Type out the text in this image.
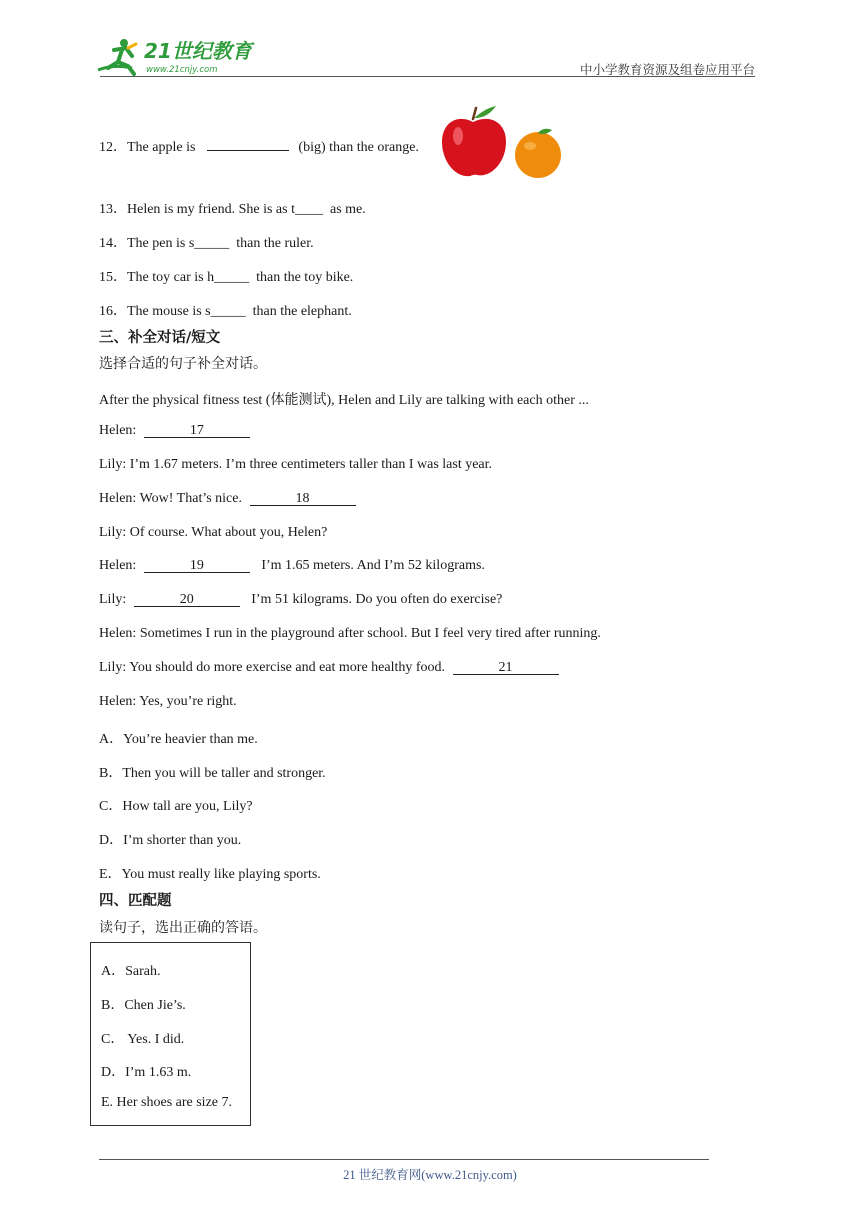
21世纪教育
www.21cnjy.com	中小学教育资源及组卷应用平台
12．The apple is	(big) than the orange.
13．Helen is my friend. She is as t____ as me.
14．The pen is s_____ than the ruler.
15．The toy car is h_____ than the toy bike.
16．The mouse is s_____ than the elephant.
三、补全对话/短文
选择合适的句子补全对话。
After the physical fitness test (体能测试), Helen and Lily are talking with each other ...
Helen:	17
Lily: I’m 1.67 meters. I’m three centimeters taller than I was last year.
Helen: Wow! That’s nice.	18
Lily: Of course. What about you, Helen?
Helen:	19	I’m 1.65 meters. And I’m 52 kilograms.
Lily:	20	I’m 51 kilograms. Do you often do exercise?
Helen: Sometimes I run in the playground after school. But I feel very tired after running.
Lily: You should do more exercise and eat more healthy food.	21
Helen: Yes, you’re right.
A．You’re heavier than me.
B．Then you will be taller and stronger.
C．How tall are you, Lily?
D．I’m shorter than you.
E．You must really like playing sports.
四、匹配题
读句子，选出正确的答语。
A．Sarah.
B．Chen Jie’s.
C． Yes. I did.
D．I’m 1.63 m.
E. Her shoes are size 7.
21 世纪教育网(www.21cnjy.com)
